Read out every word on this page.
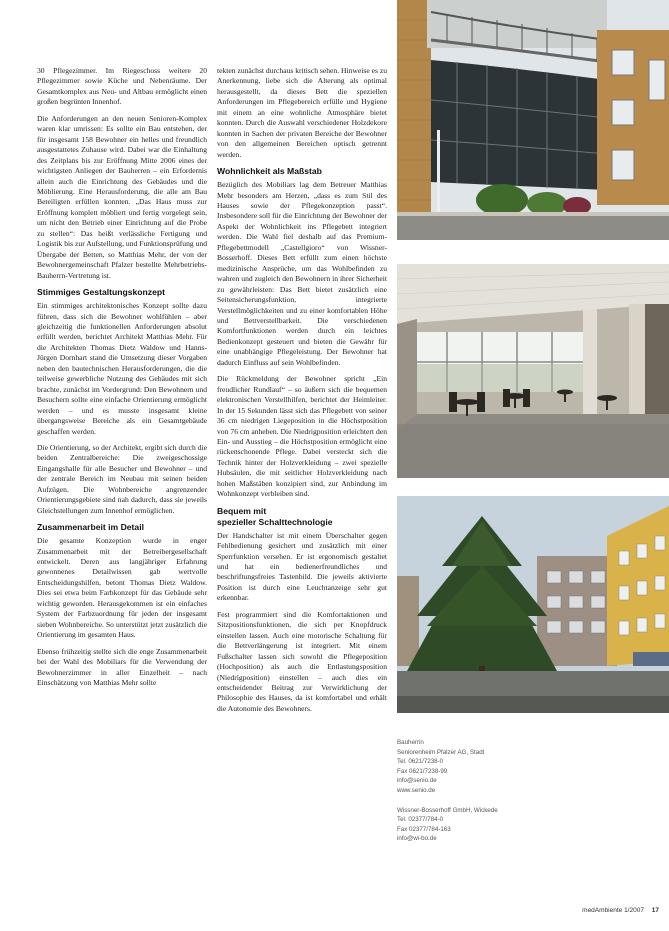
30 Pflegezimmer. Im Riegeschoss weitere 20 Pflegezimmer sowie Küche und Nebenräume. Der Gesamtkomplex aus Neu- und Altbau ermöglicht einen großen begrünten Innenhof.

Die Anforderungen an den neuen Senioren-Komplex waren klar umrissen: Es sollte ein Bau entstehen, der für insgesamt 158 Bewohner ein helles und freundlich ausgestattetes Zuhause wird. Dabei war die Einhaltung des Zeitplans bis zur Eröffnung Mitte 2006 eines der wichtigsten Anliegen der Bauherren – ein Erfordernis allein auch die Einrichtung des Gebäudes und die Möblierung. Eine Herausforderung, die alle am Bau Beteiligten erfüllen konnten. „Das Haus muss zur Eröffnung komplett möbliert und fertig vorgelegt sein, um nicht den Betrieb einer Einrichtung auf die Probe zu stellen“: Das heißt verlässliche Fertigung und Logistik bis zur Aufstellung, und Funktionsprüfung und Übergabe der Betten, so Matthias Mehr, der von der Bewohnergemeinschaft Pfalzer bestellte Mehrbetriebs-Bauherrn-Vertretung ist.

Stimmiges Gestaltungskonzept

Ein stimmiges architektonisches Konzept sollte dazu führen, dass sich die Bewohner wohlfühlen – aber gleichzeitig die funktionellen Anforderungen absolut erfüllt werden, berichtet Architekt Matthias Mehr. Für die Architekten Thomas Dietz Waldow und Hanns-Jürgen Dornhart stand die Umsetzung dieser Vorgaben neben den bautechnischen Herausforderungen, die die teilweise gewerbliche Nutzung des Gebäudes mit sich brachte, zunächst im Vordergrund: Den Bewohnern und Besuchern sollte eine einfache Orientierung ermöglicht werden – und es musste insgesamt kleine übergangsweise Bereiche als ein Gesamtgebäude geschaffen werden.

Die Orientierung, so der Architekt, ergibt sich durch die beiden Zentralbereiche: Die zweigeschossige Eingangshalle für alle Besucher und Bewohner – und der zentrale Bereich im Neubau mit seinen beiden Aufzügen. Die Wohnbereiche angrenzender Orientierungsgebiete sind nah dadurch, dass sie jeweils Gleichstellungen zum Innenhof ermöglichen.

Zusammenarbeit im Detail

Die gesamte Konzeption wurde in enger Zusammenarbeit mit der Betreibergesellschaft entwickelt. Deren aus langjähriger Erfahrung gewonnenes Detailwissen gab wertvolle Entscheidungshilfen, betont Thomas Dietz Waldow. Dies sei etwa beim Farbkonzept für das Gebäude sehr wichtig geworden. Herausgekommen ist ein einfaches System der Farbzuordnung für jeden der insgesamt sieben Wohnbereiche. So unterstützt jetzt zusätzlich die Orientierung im gesamten Haus.

Ebenso frühzeitig stellte sich die enge Zusammenarbeit bei der Wahl des Mobiliars für die Verwendung der Bewohnerzimmer in aller Einzelheit – nach Einschätzung von Matthias Mehr sollte

tekten zunächst durchaus kritisch sehen. Hinweise es zu Anerkennung, liebe sich die Alterung als optimal herausgestellt, da dieses Bett die speziellen Anforderungen im Pflegebereich erfülle und Hygiene mit einem an eine wohnliche Atmosphäre bietet konnten. Durch die Auswahl verschiedener Holzdekore konnten in Sachen der privaten Bereiche der Bewohner von den allgemeinen Bereichen optisch getrennt werden.

Wohnlichkeit als Maßstab

Bezüglich des Mobiliars lag dem Betreuer Matthias Mehr besonders am Herzen, „dass es zum Stil des Hauses sowie der Pflegekonzeption passt“. Insbesondere soll für die Einrichtung der Bewohner der Aspekt der Wohnlichkeit ins Pflegebett integriert werden. Die Wahl fiel deshalb auf das Premium-Pflegebettmodell „Castellgioro“ von Wissner-Bosserhoff. Dieses Bett erfüllt zum einen höchste medizinische Ansprüche, um das Wohlbefinden zu wahren und zugleich den Bewohnern in ihrer Sicherheit zu gewährleisten: Das Bett bietet zusätzlich eine Seitensicherungsfunktion, integrierte Verstellmöglichkeiten und zu einer komfortablen Höhe und Bettverstellbarkeit. Die verschiedenen Komfortfunktionen werden durch ein leichtes Bedienkonzept gesteuert und bieten die Gewähr für eine unabhängige Pflegeleistung. Der Bewohner hat dadurch Einfluss auf sein Wohlbefinden.

Die Rückmeldung der Bewohner spricht „Ein freudlicher Rundlauf“ – so äußern sich die bequemen elektronischen Verstellhilfen, berichtet der Heimleiter. In der 15 Sekunden lässt sich das Pflegebett von seiner 36 cm niedrigen Liegeposition in die Höchstposition von 76 cm anheben. Die Niedrigposition erleichtert den Ein- und Ausstieg – die Höchstposition ermöglicht eine rückenschonende Pflege. Dabei versteckt sich die Technik hinter der Holzverkleidung – zwei spezielle Hubsäulen, die mit seitlicher Holzverkleidung nach hohen Maßstäben konzipiert sind, zur Anbindung im Wohnkonzept verbleiben sind.

Bequem mit
spezieller Schalttechnologie

Der Handschalter ist mit einem Überschalter gegen Fehlbedienung gesichert und zusätzlich mit einer Sperrfunktion versehen. Er ist ergonomisch gestaltet und hat ein bedienerfreundliches und beschriftungsfreies Tastenbild. Die jeweils aktivierte Position ist durch eine Leuchtanzeige sehr gut erkennbar.

Fest programmiert sind die Komfortaktionen und Sitzpositionsfunktionen, die sich per Knopfdruck einstellen lassen. Auch eine motorische Schaltung für die Bettverlängerung ist integriert. Mit einem Fußschalter lassen sich sowohl die Pflegeposition (Hochposition) als auch die Entlastungsposition (Niedrigposition) einstellen – auch dies ein entscheidender Beitrag zur Verwirklichung der Philosophie des Hauses, da ist komfortabel und erhält die Autonomie des Bewohners.

Bauherrin
Seniorenheim Pfalzer AG, Stadt
Tel. 0621/7238-0
Fax 0621/7238-99
info@senio.de
www.senio.de
Wissner-Bosserhoff GmbH, Wickede
Tel. 02377/784-0
Fax 02377/784-163
info@wi-bo.de
medAmbiente 1/2007 17
